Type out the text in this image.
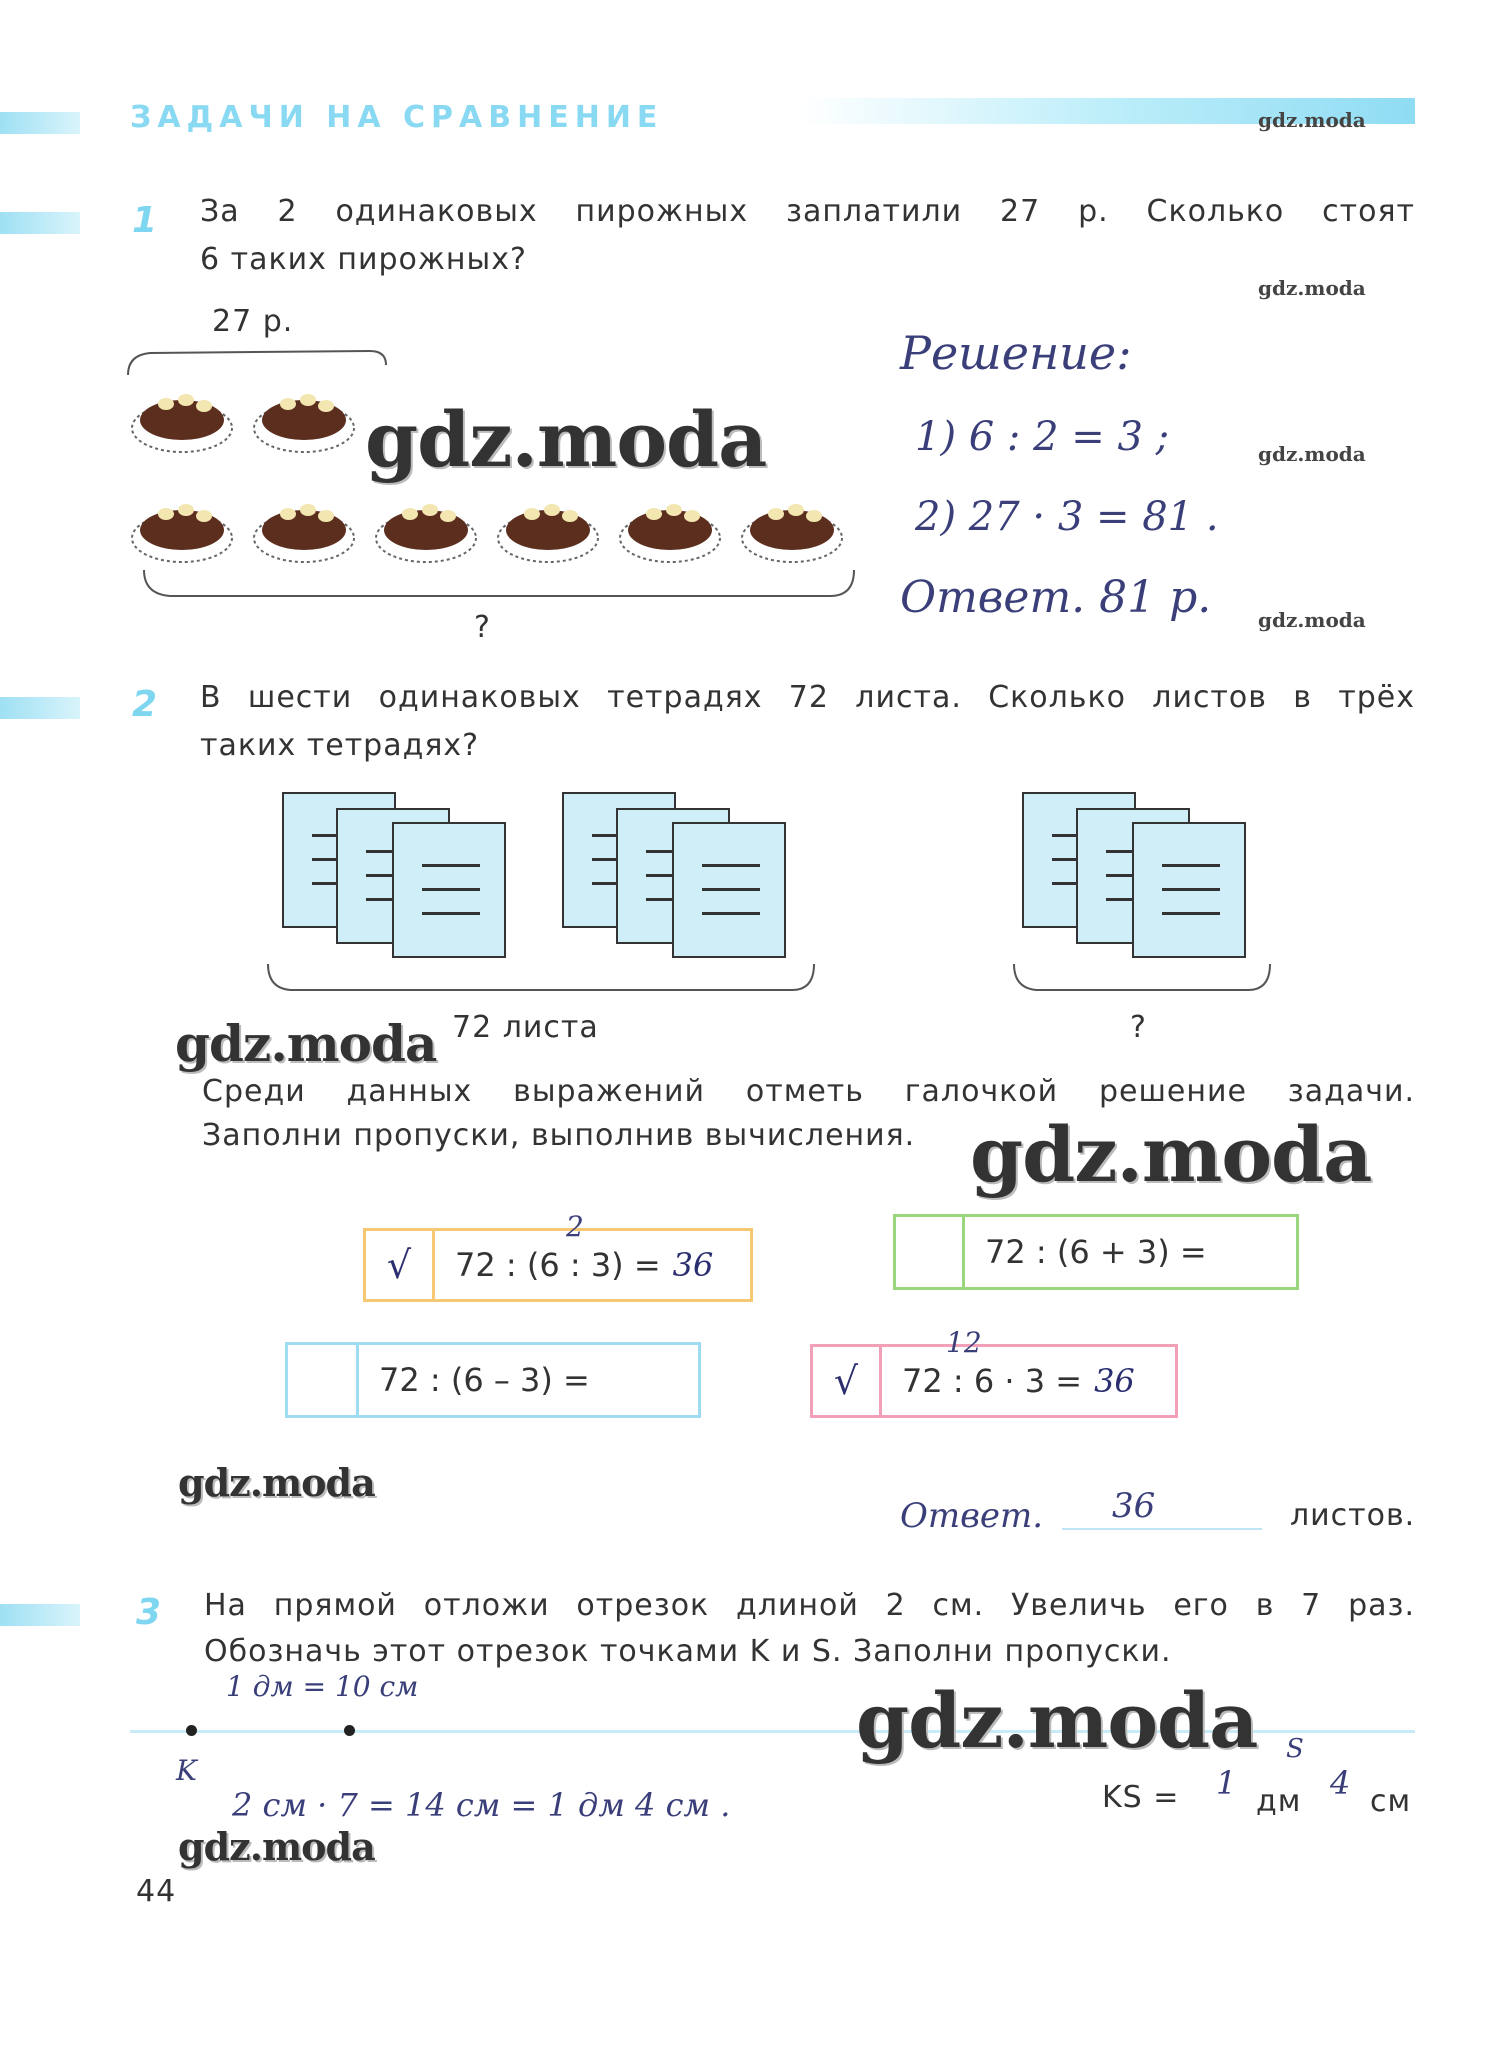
ЗАДАЧИ НА СРАВНЕНИЕ	gdz.moda
1 За 2 одинаковых пирожных заплатили 27 р. Сколько стоят
6 таких пирожных?
gdz.moda
27 р.
?
gdz.moda
Решение:
1) 6 : 2 = 3 ;
2) 27 · 3 = 81 .
Ответ. 81 р.
gdz.moda
gdz.moda
2 В шести одинаковых тетрадях 72 листа. Сколько листов в трёх
таких тетрадях?
gdz.moda 72 листа	?
Среди данных выражений отметь галочкой решение задачи.
Заполни пропуски, выполнив вычисления. gdz.moda
√	72 : (6 : 3) = 36
2
72 : (6 + 3) =
72 : (6 – 3) =	√	72 : 6 · 3 = 36
12
gdz.moda
Ответ. 36	листов.
3 На прямой отложи отрезок длиной 2 см. Увеличь его в 7 раз.
Обозначь этот отрезок точками K и S. Заполни пропуски.
1 дм = 10 см
K
S
gdz.moda
2 см · 7 = 14 см = 1 дм 4 см .	KS = 1 дм 4 см
gdz.moda
44
